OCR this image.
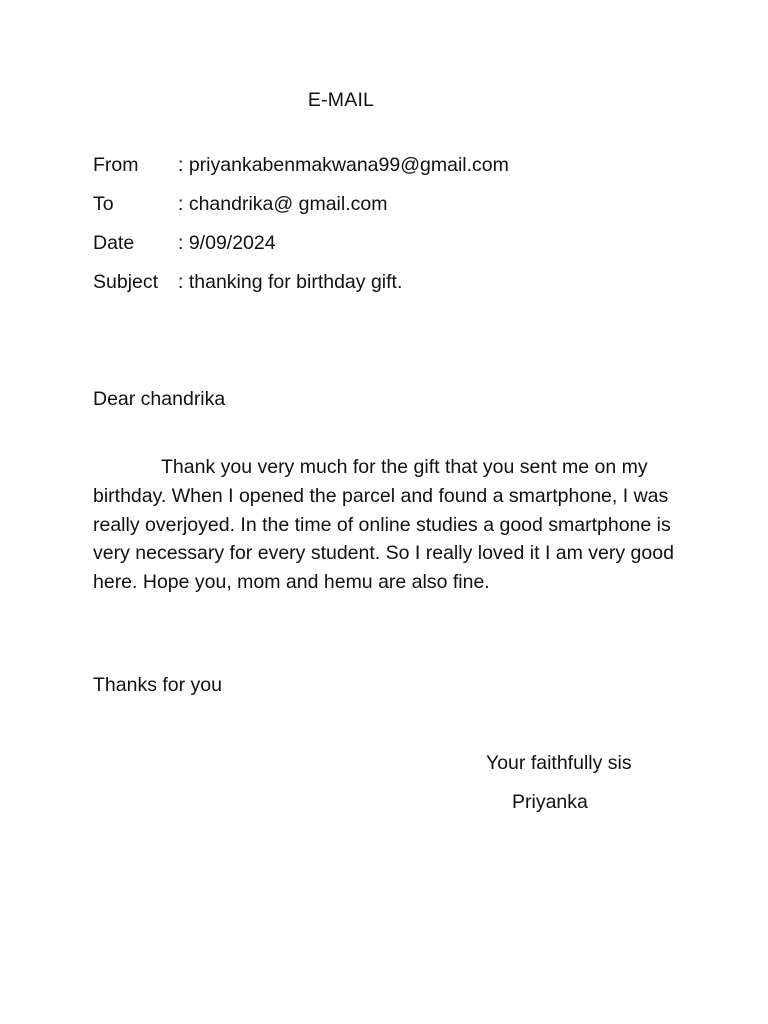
E-MAIL
From	: priyankabenmakwana99@gmail.com
To	: chandrika@ gmail.com
Date	: 9/09/2024
Subject	: thanking for birthday gift.
Dear chandrika
Thank you very much for the gift that you sent me on my birthday. When I opened the parcel and found a smartphone, I was really overjoyed. In the time of online studies a good smartphone is very necessary for every student. So I really loved it I am very good here. Hope you, mom and hemu are also fine.
Thanks for you
Your faithfully sis
Priyanka
